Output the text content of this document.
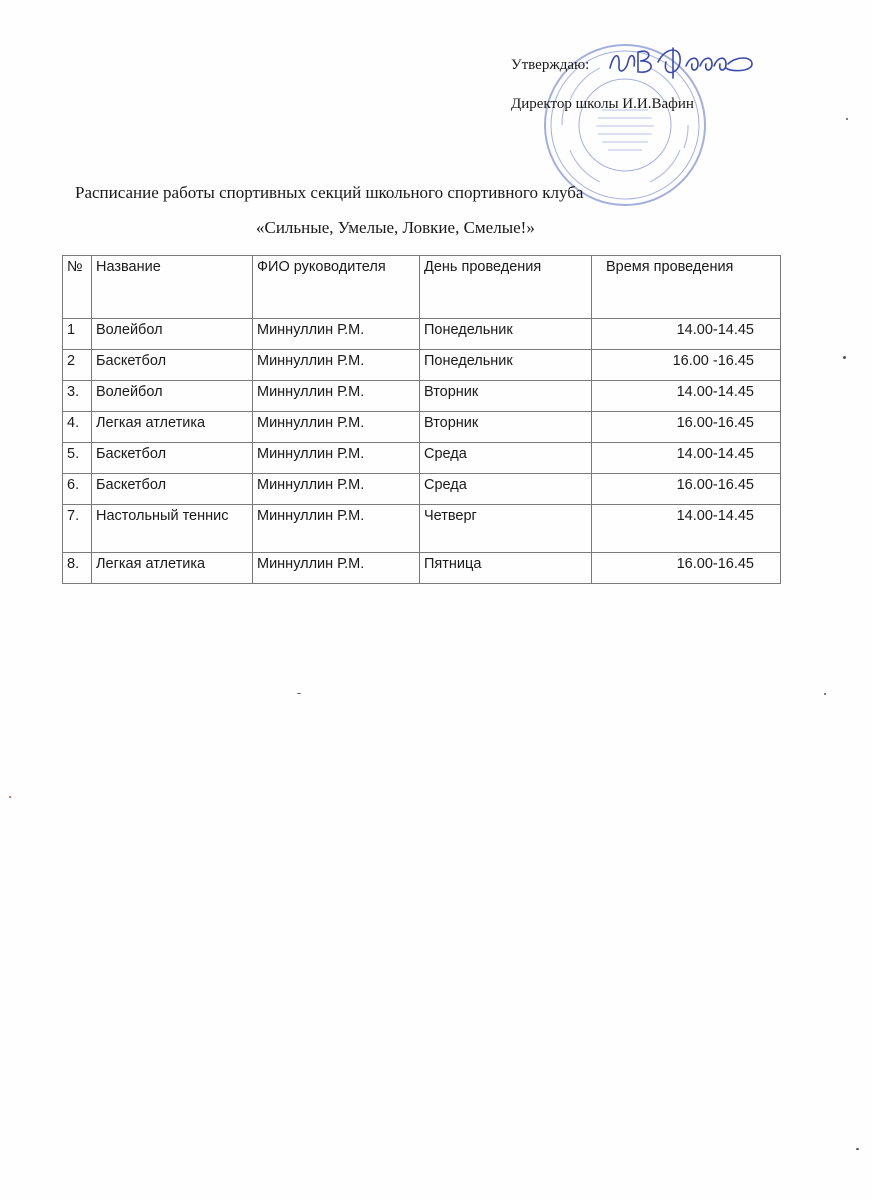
Утверждаю:
Директор школы И.И.Вафин
Расписание работы спортивных секций школьного спортивного клуба
«Сильные, Умелые, Ловкие, Смелые!»
№	Название	ФИО руководителя	День проведения	Время проведения
1	Волейбол	Миннуллин Р.М.	Понедельник	14.00-14.45
2	Баскетбол	Миннуллин Р.М.	Понедельник	16.00 -16.45
3.	Волейбол	Миннуллин Р.М.	Вторник	14.00-14.45
4.	Легкая атлетика	Миннуллин Р.М.	Вторник	16.00-16.45
5.	Баскетбол	Миннуллин Р.М.	Среда	14.00-14.45
6.	Баскетбол	Миннуллин Р.М.	Среда	16.00-16.45
7.	Настольный теннис	Миннуллин Р.М.	Четверг	14.00-14.45
8.	Легкая атлетика	Миннуллин Р.М.	Пятница	16.00-16.45
